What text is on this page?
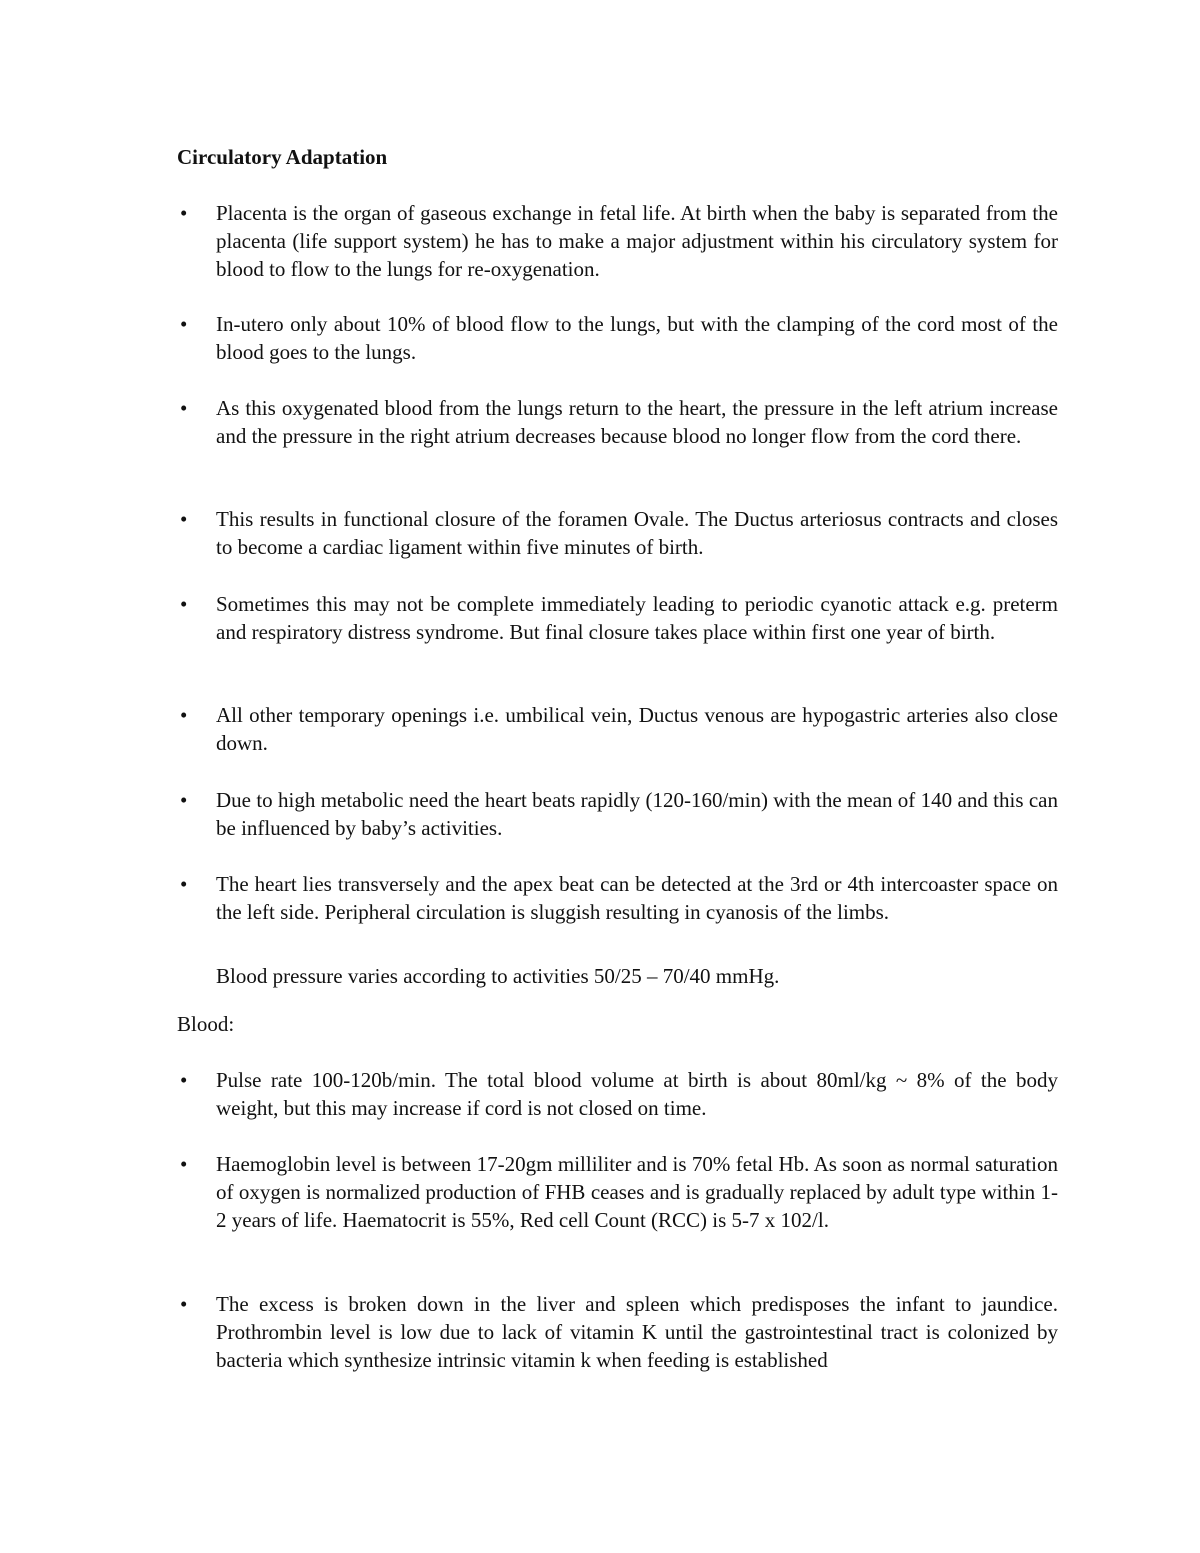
Circulatory Adaptation
• Placenta is the organ of gaseous exchange in fetal life. At birth when the baby is separated from the placenta (life support system) he has to make a major adjustment within his circulatory system for blood to flow to the lungs for re-oxygenation.
• In-utero only about 10% of blood flow to the lungs, but with the clamping of the cord most of the blood goes to the lungs.
• As this oxygenated blood from the lungs return to the heart, the pressure in the left atrium increase and the pressure in the right atrium decreases because blood no longer flow from the cord there.
• This results in functional closure of the foramen Ovale. The Ductus arteriosus contracts and closes to become a cardiac ligament within five minutes of birth.
• Sometimes this may not be complete immediately leading to periodic cyanotic attack e.g. preterm and respiratory distress syndrome. But final closure takes place within first one year of birth.
• All other temporary openings i.e. umbilical vein, Ductus venous are hypogastric arteries also close down.
• Due to high metabolic need the heart beats rapidly (120-160/min) with the mean of 140 and this can be influenced by baby’s activities.
• The heart lies transversely and the apex beat can be detected at the 3rd or 4th intercoaster space on the left side. Peripheral circulation is sluggish resulting in cyanosis of the limbs.
Blood pressure varies according to activities 50/25 – 70/40 mmHg.
Blood:
• Pulse rate 100-120b/min. The total blood volume at birth is about 80ml/kg ~ 8% of the body weight, but this may increase if cord is not closed on time.
• Haemoglobin level is between 17-20gm milliliter and is 70% fetal Hb. As soon as normal saturation of oxygen is normalized production of FHB ceases and is gradually replaced by adult type within 1-2 years of life. Haematocrit is 55%, Red cell Count (RCC) is 5-7 x 102/l.
• The excess is broken down in the liver and spleen which predisposes the infant to jaundice. Prothrombin level is low due to lack of vitamin K until the gastrointestinal tract is colonized by bacteria which synthesize intrinsic vitamin k when feeding is established
